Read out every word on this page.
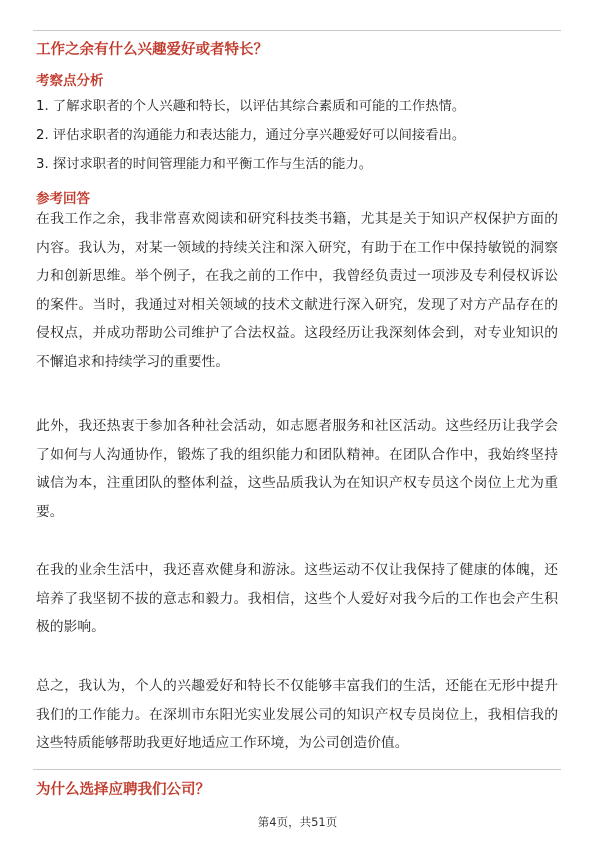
工作之余有什么兴趣爱好或者特长？
考察点分析
1. 了解求职者的个人兴趣和特长，以评估其综合素质和可能的工作热情。
2. 评估求职者的沟通能力和表达能力，通过分享兴趣爱好可以间接看出。
3. 探讨求职者的时间管理能力和平衡工作与生活的能力。
参考回答

在我工作之余，我非常喜欢阅读和研究科技类书籍，尤其是关于知识产权保护方面的内容。我认为，对某一领域的持续关注和深入研究，有助于在工作中保持敏锐的洞察力和创新思维。举个例子，在我之前的工作中，我曾经负责过一项涉及专利侵权诉讼的案件。当时，我通过对相关领域的技术文献进行深入研究，发现了对方产品存在的侵权点，并成功帮助公司维护了合法权益。这段经历让我深刻体会到，对专业知识的不懈追求和持续学习的重要性。

此外，我还热衷于参加各种社会活动，如志愿者服务和社区活动。这些经历让我学会了如何与人沟通协作，锻炼了我的组织能力和团队精神。在团队合作中，我始终坚持诚信为本，注重团队的整体利益，这些品质我认为在知识产权专员这个岗位上尤为重要。

在我的业余生活中，我还喜欢健身和游泳。这些运动不仅让我保持了健康的体魄，还培养了我坚韧不拔的意志和毅力。我相信，这些个人爱好对我今后的工作也会产生积极的影响。

总之，我认为，个人的兴趣爱好和特长不仅能够丰富我们的生活，还能在无形中提升我们的工作能力。在深圳市东阳光实业发展公司的知识产权专员岗位上，我相信我的这些特质能够帮助我更好地适应工作环境，为公司创造价值。

为什么选择应聘我们公司？
第4页，共51页
